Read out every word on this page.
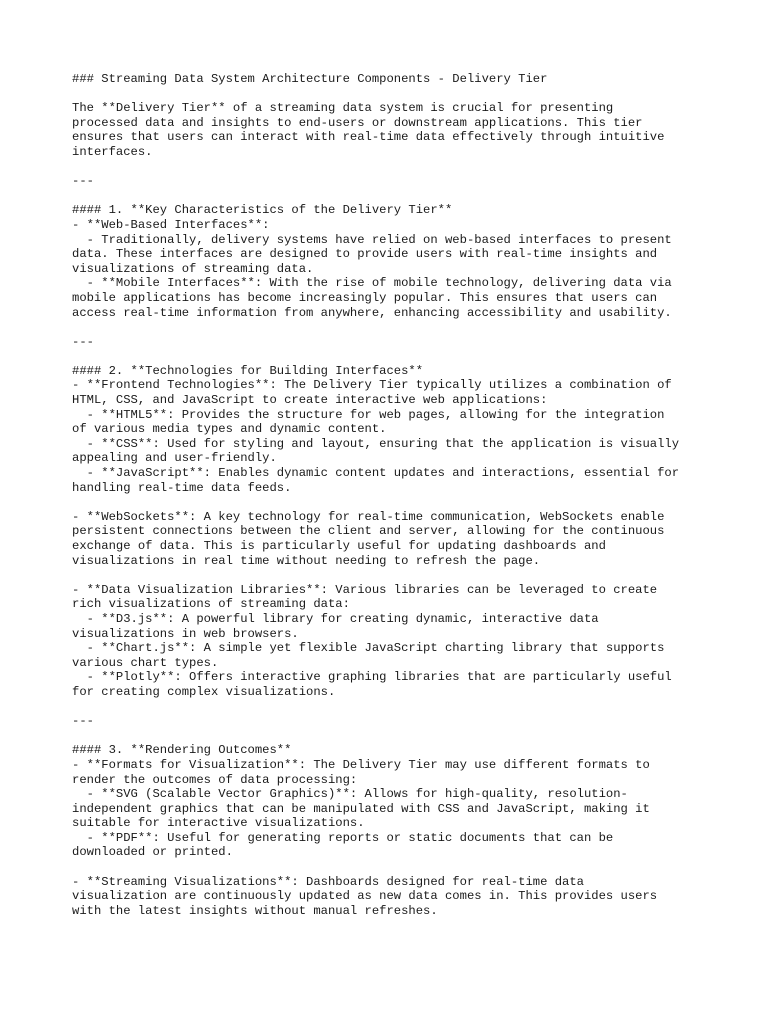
### Streaming Data System Architecture Components - Delivery Tier
The **Delivery Tier** of a streaming data system is crucial for presenting
processed data and insights to end-users or downstream applications. This tier
ensures that users can interact with real-time data effectively through intuitive
interfaces.
---
#### 1. **Key Characteristics of the Delivery Tier**
- **Web-Based Interfaces**:
- Traditionally, delivery systems have relied on web-based interfaces to present
data. These interfaces are designed to provide users with real-time insights and
visualizations of streaming data.
- **Mobile Interfaces**: With the rise of mobile technology, delivering data via
mobile applications has become increasingly popular. This ensures that users can
access real-time information from anywhere, enhancing accessibility and usability.
---
#### 2. **Technologies for Building Interfaces**
- **Frontend Technologies**: The Delivery Tier typically utilizes a combination of
HTML, CSS, and JavaScript to create interactive web applications:
- **HTML5**: Provides the structure for web pages, allowing for the integration
of various media types and dynamic content.
- **CSS**: Used for styling and layout, ensuring that the application is visually
appealing and user-friendly.
- **JavaScript**: Enables dynamic content updates and interactions, essential for
handling real-time data feeds.
- **WebSockets**: A key technology for real-time communication, WebSockets enable
persistent connections between the client and server, allowing for the continuous
exchange of data. This is particularly useful for updating dashboards and
visualizations in real time without needing to refresh the page.
- **Data Visualization Libraries**: Various libraries can be leveraged to create
rich visualizations of streaming data:
- **D3.js**: A powerful library for creating dynamic, interactive data
visualizations in web browsers.
- **Chart.js**: A simple yet flexible JavaScript charting library that supports
various chart types.
- **Plotly**: Offers interactive graphing libraries that are particularly useful
for creating complex visualizations.
---
#### 3. **Rendering Outcomes**
- **Formats for Visualization**: The Delivery Tier may use different formats to
render the outcomes of data processing:
- **SVG (Scalable Vector Graphics)**: Allows for high-quality, resolution-
independent graphics that can be manipulated with CSS and JavaScript, making it
suitable for interactive visualizations.
- **PDF**: Useful for generating reports or static documents that can be
downloaded or printed.
- **Streaming Visualizations**: Dashboards designed for real-time data
visualization are continuously updated as new data comes in. This provides users
with the latest insights without manual refreshes.
